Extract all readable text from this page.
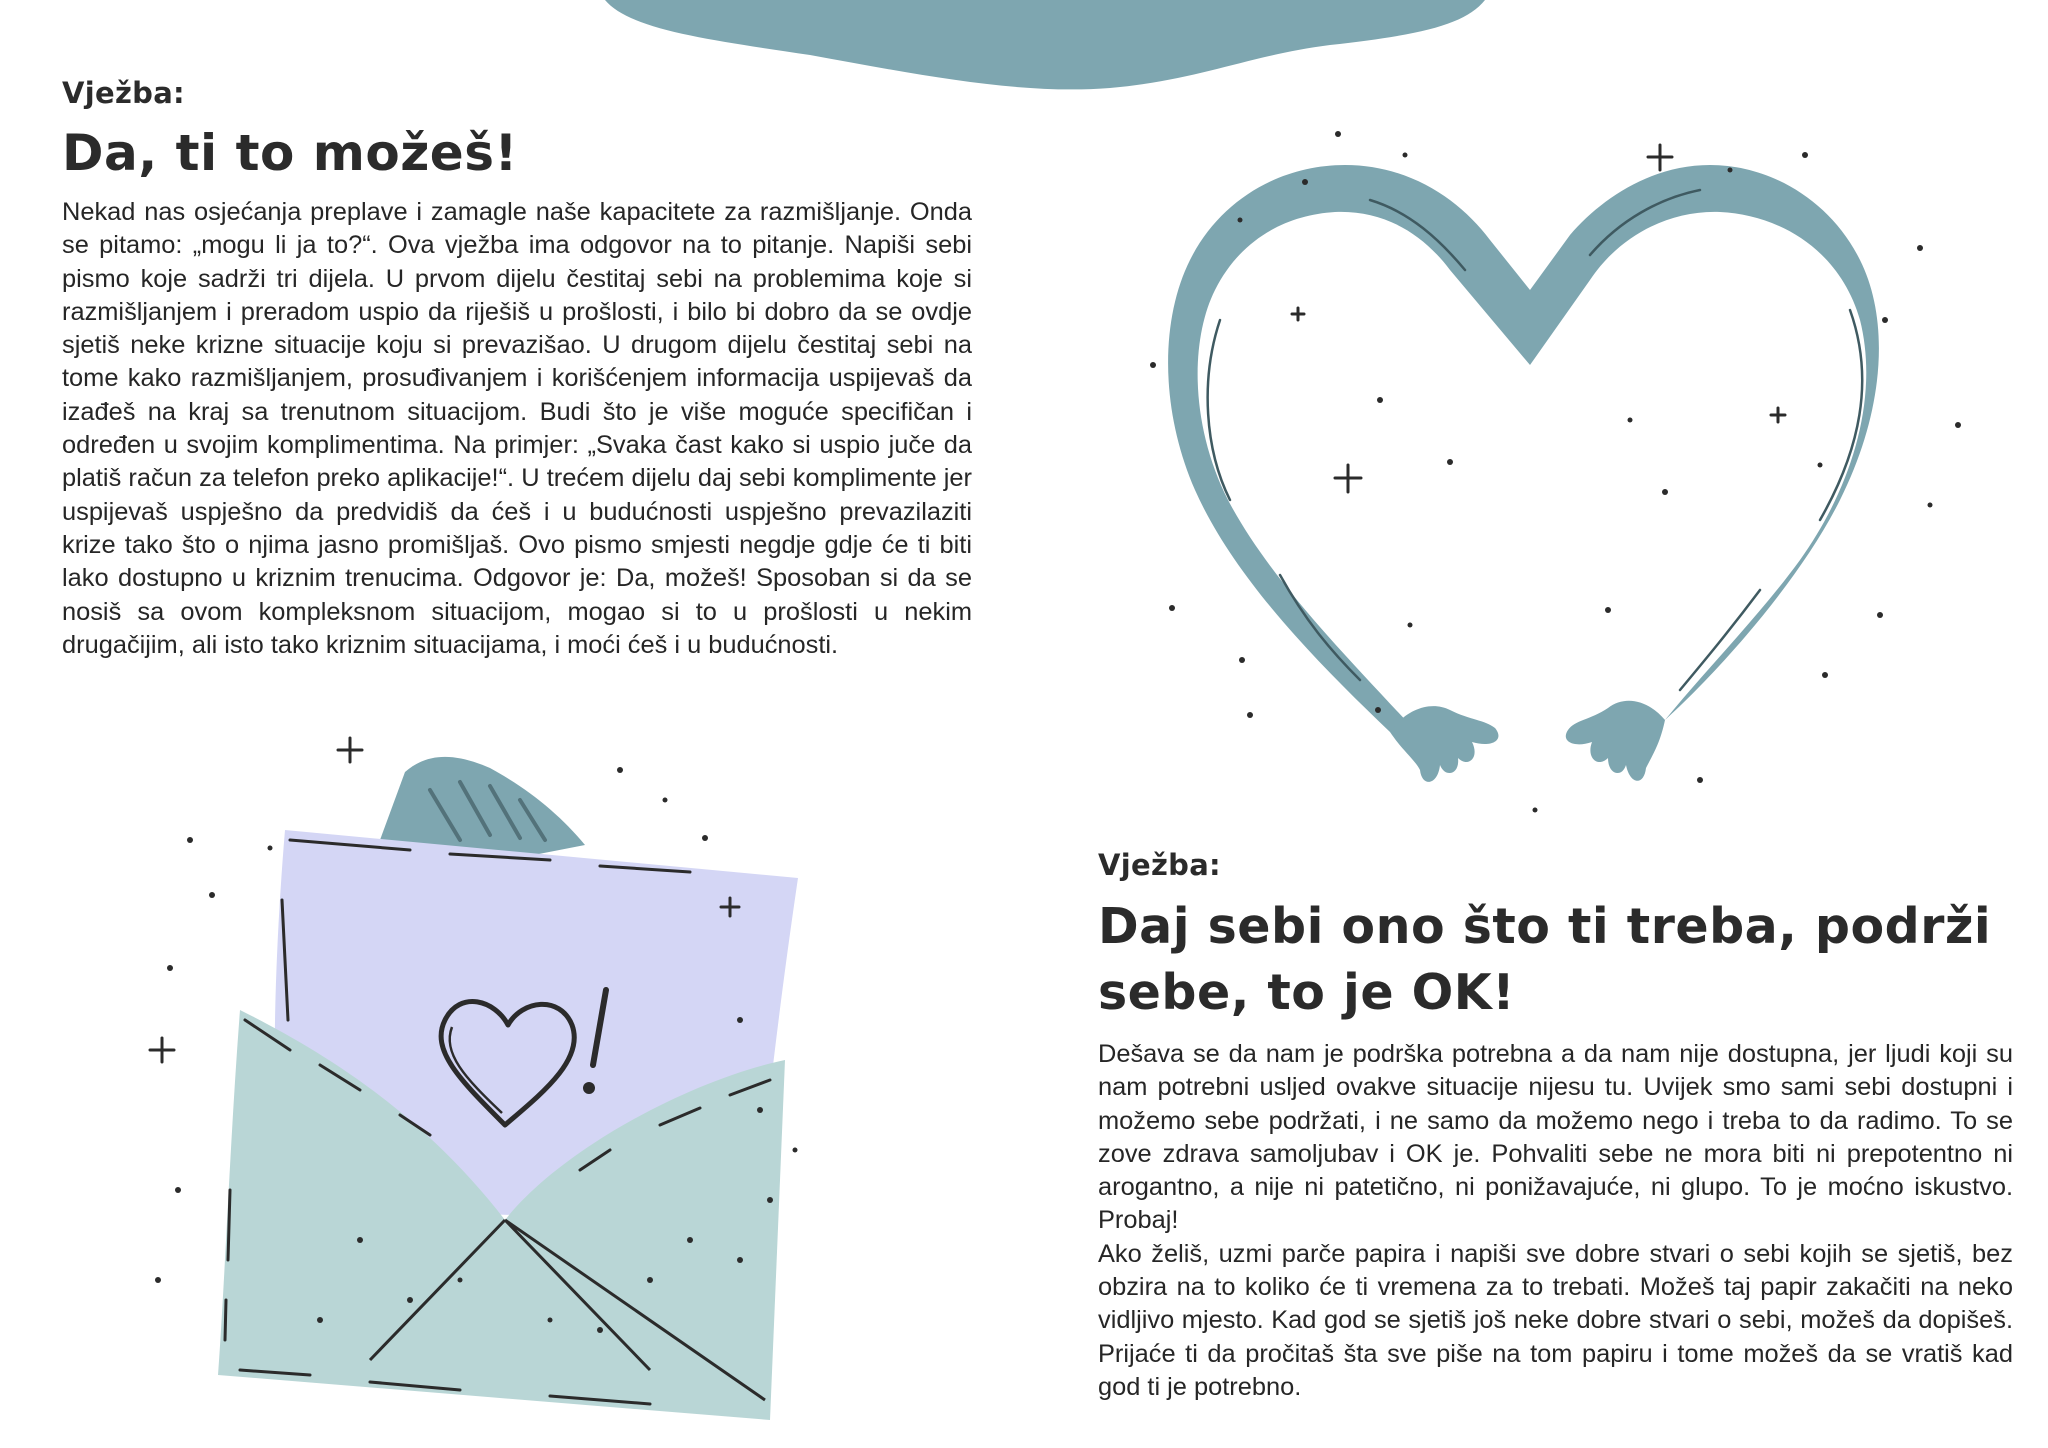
Vježba:
Da, ti to možeš!

Nekad nas osjećanja preplave i zamagle naše kapacitete za razmišljanje. Onda se pitamo: „mogu li ja to?“. Ova vježba ima odgovor na to pitanje. Napiši sebi pismo koje sadrži tri dijela. U prvom dijelu čestitaj sebi na problemima koje si razmišljanjem i preradom uspio da riješiš u prošlosti, i bilo bi dobro da se ovdje sjetiš neke krizne situacije koju si prevazišao. U drugom dijelu čestitaj sebi na tome kako razmišljanjem, prosuđivanjem i korišćenjem informacija uspijevaš da izađeš na kraj sa trenutnom situacijom. Budi što je više moguće specifičan i određen u svojim komplimentima. Na primjer: „Svaka čast kako si uspio juče da platiš račun za telefon preko aplikacije!“. U trećem dijelu daj sebi komplimente jer uspijevaš uspješno da predvidiš da ćeš i u budućnosti uspješno prevazilaziti krize tako što o njima jasno promišljaš. Ovo pismo smjesti negdje gdje će ti biti lako dostupno u kriznim trenucima. Odgovor je: Da, možeš! Sposoban si da se nosiš sa ovom kompleksnom situacijom, mogao si to u prošlosti u nekim drugačijim, ali isto tako kriznim situacijama, i moći ćeš i u budućnosti.

Vježba:
Daj sebi ono što ti treba, podrži sebe, to je OK!

Dešava se da nam je podrška potrebna a da nam nije dostupna, jer ljudi koji su nam potrebni usljed ovakve situacije nijesu tu. Uvijek smo sami sebi dostupni i možemo sebe podržati, i ne samo da možemo nego i treba to da radimo. To se zove zdrava samoljubav i OK je. Pohvaliti sebe ne mora biti ni prepotentno ni arogantno, a nije ni patetično, ni ponižavajuće, ni glupo. To je moćno iskustvo. Probaj!

Ako želiš, uzmi parče papira i napiši sve dobre stvari o sebi kojih se sjetiš, bez obzira na to koliko će ti vremena za to trebati. Možeš taj papir zakačiti na neko vidljivo mjesto. Kad god se sjetiš još neke dobre stvari o sebi, možeš da dopišeš. Prijaće ti da pročitaš šta sve piše na tom papiru i tome možeš da se vratiš kad god ti je potrebno.
